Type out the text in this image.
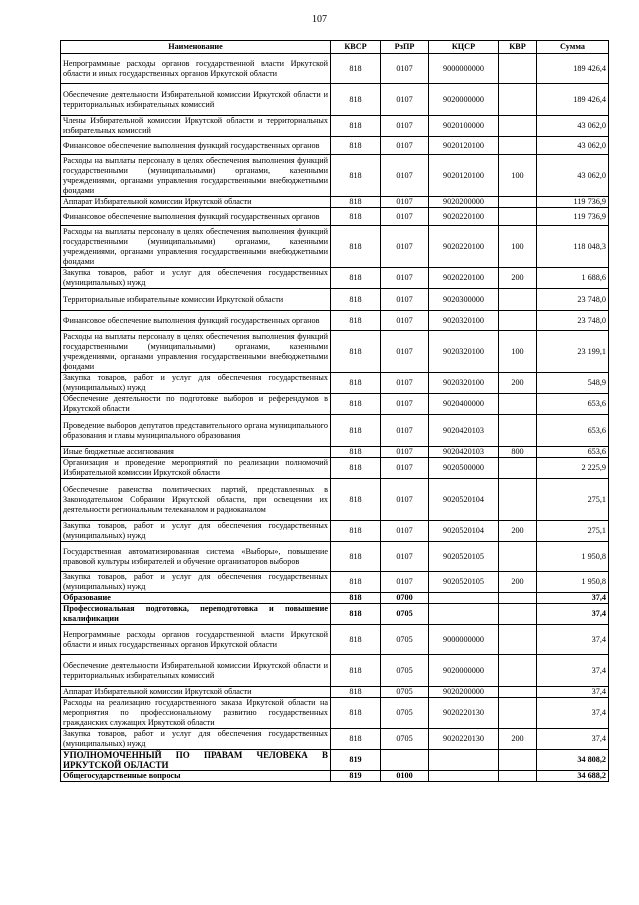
107
Наименование	КВСР	РзПР	КЦСР	КВР	Сумма
Непрограммные расходы органов государственной власти Иркутской области и иных государственных органов Иркутской области	818	0107	9000000000		189 426,4
Обеспечение деятельности Избирательной комиссии Иркутской области и территориальных избирательных комиссий	818	0107	9020000000		189 426,4
Члены Избирательной комиссии Иркутской области и территориальных избирательных комиссий	818	0107	9020100000		43 062,0
Финансовое обеспечение выполнения функций государственных органов	818	0107	9020120100		43 062,0
Расходы на выплаты персоналу в целях обеспечения выполнения функций государственными (муниципальными) органами, казенными учреждениями, органами управления государственными внебюджетными фондами	818	0107	9020120100	100	43 062,0
Аппарат Избирательной комиссии Иркутской области	818	0107	9020200000		119 736,9
Финансовое обеспечение выполнения функций государственных органов	818	0107	9020220100		119 736,9
Расходы на выплаты персоналу в целях обеспечения выполнения функций государственными (муниципальными) органами, казенными учреждениями, органами управления государственными внебюджетными фондами	818	0107	9020220100	100	118 048,3
Закупка товаров, работ и услуг для обеспечения государственных (муниципальных) нужд	818	0107	9020220100	200	1 688,6
Территориальные избирательные комиссии Иркутской области	818	0107	9020300000		23 748,0
Финансовое обеспечение выполнения функций государственных органов	818	0107	9020320100		23 748,0
Расходы на выплаты персоналу в целях обеспечения выполнения функций государственными (муниципальными) органами, казенными учреждениями, органами управления государственными внебюджетными фондами	818	0107	9020320100	100	23 199,1
Закупка товаров, работ и услуг для обеспечения государственных (муниципальных) нужд	818	0107	9020320100	200	548,9
Обеспечение деятельности по подготовке выборов и референдумов в Иркутской области	818	0107	9020400000		653,6
Проведение выборов депутатов представительного органа муниципального образования и главы муниципального образования	818	0107	9020420103		653,6
Иные бюджетные ассигнования	818	0107	9020420103	800	653,6
Организация и проведение мероприятий по реализации полномочий Избирательной комиссии Иркутской области	818	0107	9020500000		2 225,9
Обеспечение равенства политических партий, представленных в Законодательном Собрании Иркутской области, при освещении их деятельности региональным телеканалом и радиоканалом	818	0107	9020520104		275,1
Закупка товаров, работ и услуг для обеспечения государственных (муниципальных) нужд	818	0107	9020520104	200	275,1
Государственная автоматизированная система «Выборы», повышение правовой культуры избирателей и обучение организаторов выборов	818	0107	9020520105		1 950,8
Закупка товаров, работ и услуг для обеспечения государственных (муниципальных) нужд	818	0107	9020520105	200	1 950,8
Образование	818	0700			37,4
Профессиональная подготовка, переподготовка и повышение квалификации	818	0705			37,4
Непрограммные расходы органов государственной власти Иркутской области и иных государственных органов Иркутской области	818	0705	9000000000		37,4
Обеспечение деятельности Избирательной комиссии Иркутской области и территориальных избирательных комиссий	818	0705	9020000000		37,4
Аппарат Избирательной комиссии Иркутской области	818	0705	9020200000		37,4
Расходы на реализацию государственного заказа Иркутской области на мероприятия по профессиональному развитию государственных гражданских служащих Иркутской области	818	0705	9020220130		37,4
Закупка товаров, работ и услуг для обеспечения государственных (муниципальных) нужд	818	0705	9020220130	200	37,4
УПОЛНОМОЧЕННЫЙ ПО ПРАВАМ ЧЕЛОВЕКА В ИРКУТСКОЙ ОБЛАСТИ	819				34 808,2
Общегосударственные вопросы	819	0100			34 688,2
